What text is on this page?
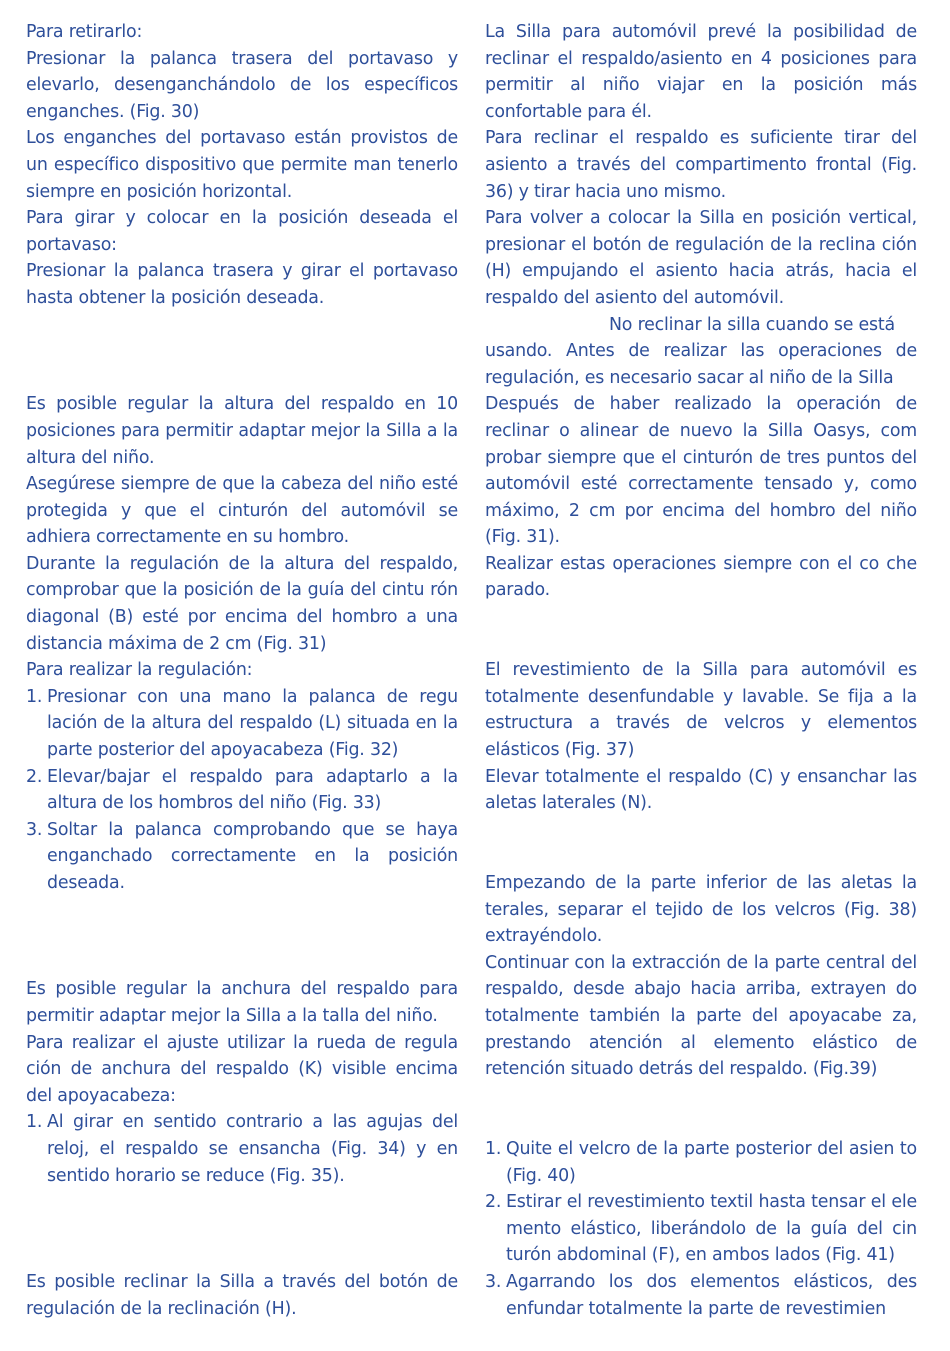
Para retirarlo:

Presionar la palanca trasera del portavaso y elevarlo, desenganchándolo de los específicos enganches. (Fig. 30)

Los enganches del portavaso están provistos de un específico dispositivo que permite man tenerlo siempre en posición horizontal.

Para girar y colocar en la posición deseada el portavaso:

Presionar la palanca trasera y girar el portavaso hasta obtener la posición deseada.

Es posible regular la altura del respaldo en 10 posiciones para permitir adaptar mejor la Silla a la altura del niño.

Asegúrese siempre de que la cabeza del niño esté protegida y que el cinturón del automóvil se adhiera correctamente en su hombro.

Durante la regulación de la altura del respaldo, comprobar que la posición de la guía del cintu rón diagonal (B) esté por encima del hombro a una distancia máxima de 2 cm (Fig. 31)

Para realizar la regulación:

1. Presionar con una mano la palanca de regu lación de la altura del respaldo (L) situada en la parte posterior del apoyacabeza (Fig. 32)
2. Elevar/bajar el respaldo para adaptarlo a la altura de los hombros del niño (Fig. 33)
3. Soltar la palanca comprobando que se haya enganchado correctamente en la posición deseada.

Es posible regular la anchura del respaldo para permitir adaptar mejor la Silla a la talla del niño.

Para realizar el ajuste utilizar la rueda de regula ción de anchura del respaldo (K) visible encima del apoyacabeza:

1. Al girar en sentido contrario a las agujas del reloj, el respaldo se ensancha (Fig. 34) y en sentido horario se reduce (Fig. 35).

Es posible reclinar la Silla a través del botón de regulación de la reclinación (H).

La Silla para automóvil prevé la posibilidad de reclinar el respaldo/asiento en 4 posiciones para permitir al niño viajar en la posición más confortable para él.

Para reclinar el respaldo es suficiente tirar del asiento a través del compartimento frontal (Fig. 36) y tirar hacia uno mismo.

Para volver a colocar la Silla en posición vertical, presionar el botón de regulación de la reclina ción (H) empujando el asiento hacia atrás, hacia el respaldo del asiento del automóvil.

No reclinar la silla cuando se está

usando. Antes de realizar las operaciones de regulación, es necesario sacar al niño de la Silla

Después de haber realizado la operación de reclinar o alinear de nuevo la Silla Oasys, com probar siempre que el cinturón de tres puntos del automóvil esté correctamente tensado y, como máximo, 2 cm por encima del hombro del niño (Fig. 31).

Realizar estas operaciones siempre con el co che parado.

El revestimiento de la Silla para automóvil es totalmente desenfundable y lavable. Se fija a la estructura a través de velcros y elementos elásticos (Fig. 37)

Elevar totalmente el respaldo (C) y ensanchar las aletas laterales (N).

Empezando de la parte inferior de las aletas la terales, separar el tejido de los velcros (Fig. 38) extrayéndolo.

Continuar con la extracción de la parte central del respaldo, desde abajo hacia arriba, extrayen do totalmente también la parte del apoyacabe za, prestando atención al elemento elástico de retención situado detrás del respaldo. (Fig.39)

1. Quite el velcro de la parte posterior del asien to (Fig. 40)
2. Estirar el revestimiento textil hasta tensar el ele mento elástico, liberándolo de la guía del cin turón abdominal (F), en ambos lados (Fig. 41)
3. Agarrando los dos elementos elásticos, des enfundar totalmente la parte de revestimien
